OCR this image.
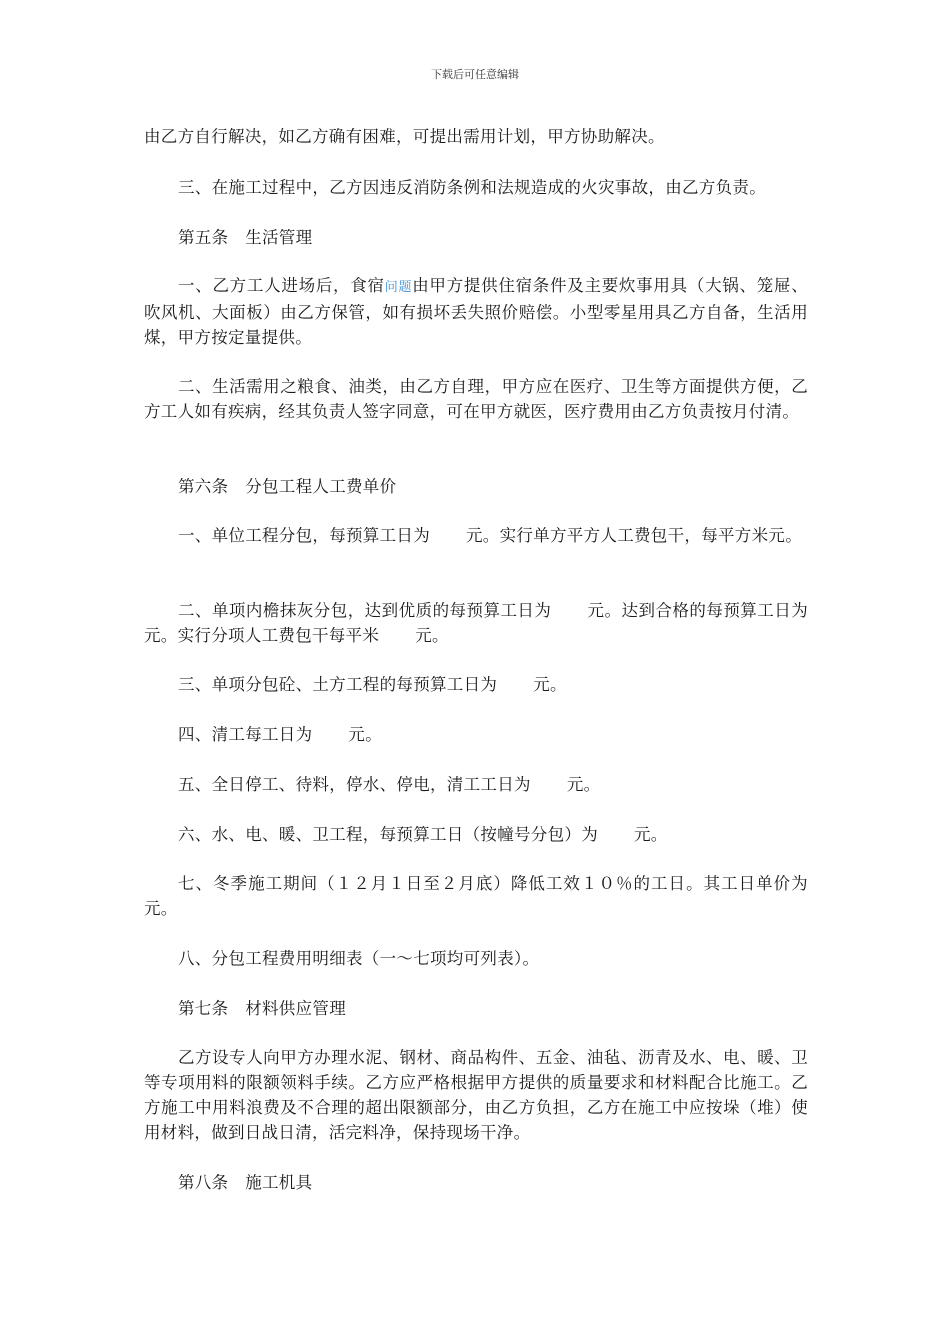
下载后可任意编辑

由乙方自行解决，如乙方确有困难，可提出需用计划，甲方协助解决。

三、在施工过程中，乙方因违反消防条例和法规造成的火灾事故，由乙方负责。

第五条　生活管理

一、乙方工人进场后，食宿问题由甲方提供住宿条件及主要炊事用具（大锅、笼屉、吹风机、大面板）由乙方保管，如有损坏丢失照价赔偿。小型零星用具乙方自备，生活用煤，甲方按定量提供。

二、生活需用之粮食、油类，由乙方自理，甲方应在医疗、卫生等方面提供方便，乙方工人如有疾病，经其负责人签字同意，可在甲方就医，医疗费用由乙方负责按月付清。

第六条　分包工程人工费单价

一、单位工程分包，每预算工日为 元。实行单方平方人工费包干，每平方米元。

二、单项内檐抹灰分包，达到优质的每预算工日为 元。达到合格的每预算工日为元。实行分项人工费包干每平米 元。

三、单项分包砼、土方工程的每预算工日为 元。

四、清工每工日为 元。

五、全日停工、待料，停水、停电，清工工日为 元。

六、水、电、暖、卫工程，每预算工日（按幢号分包）为 元。

七、冬季施工期间（１２月１日至２月底）降低工效１０％的工日。其工日单价为元。

八、分包工程费用明细表（一～七项均可列表）。

第七条　材料供应管理

乙方设专人向甲方办理水泥、钢材、商品构件、五金、油毡、沥青及水、电、暖、卫等专项用料的限额领料手续。乙方应严格根据甲方提供的质量要求和材料配合比施工。乙方施工中用料浪费及不合理的超出限额部分，由乙方负担，乙方在施工中应按垛（堆）使用材料，做到日战日清，活完料净，保持现场干净。

第八条　施工机具
